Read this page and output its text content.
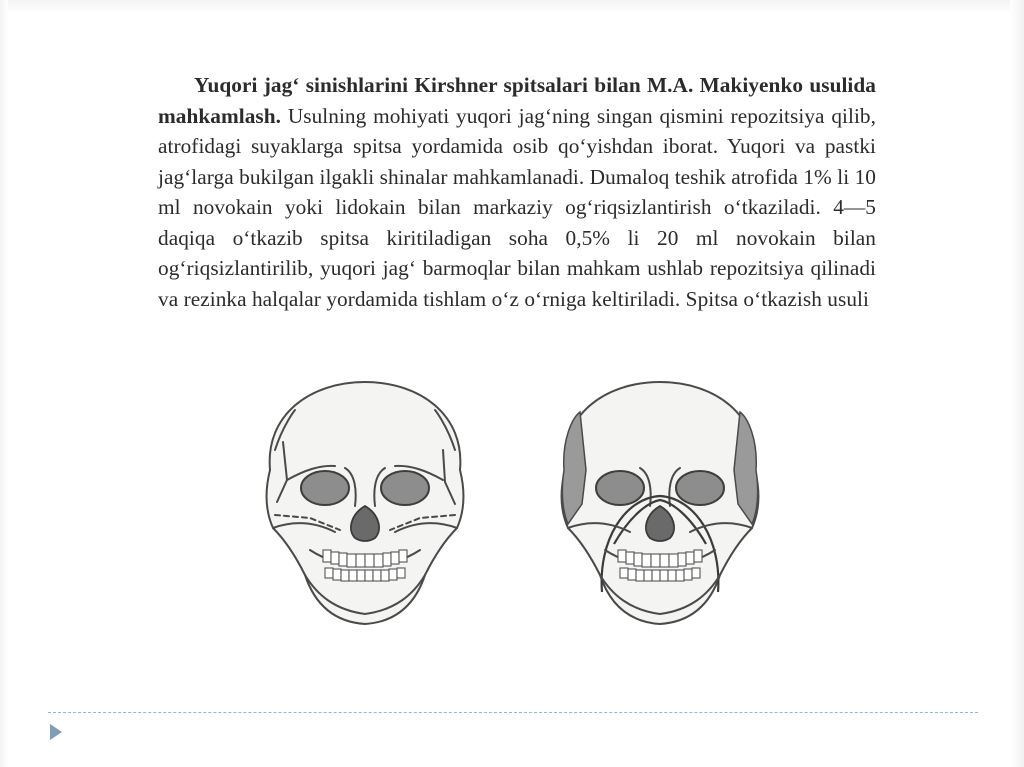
Yuqori jag‘ sinishlarini Kirshner spitsalari bilan M.A. Makiyenko usulida mahkamlash. Usulning mohiyati yuqori jag‘ning singan qismini repozitsiya qilib, atrofidagi suyaklarga spitsa yordamida osib qo‘yishdan iborat. Yuqori va pastki jag‘larga bukilgan ilgakli shinalar mahkamlanadi. Dumaloq teshik atrofida 1% li 10 ml novokain yoki lidokain bilan markaziy og‘riqsizlantirish o‘tkaziladi. 4—5 daqiqa o‘tkazib spitsa kiritiladigan soha 0,5% li 20 ml novokain bilan og‘riqsizlantirilib, yuqori jag‘ barmoqlar bilan mahkam ushlab repozitsiya qilinadi va rezinka halqalar yordamida tishlam o‘z o‘rniga keltiriladi. Spitsa o‘tkazish usuli
